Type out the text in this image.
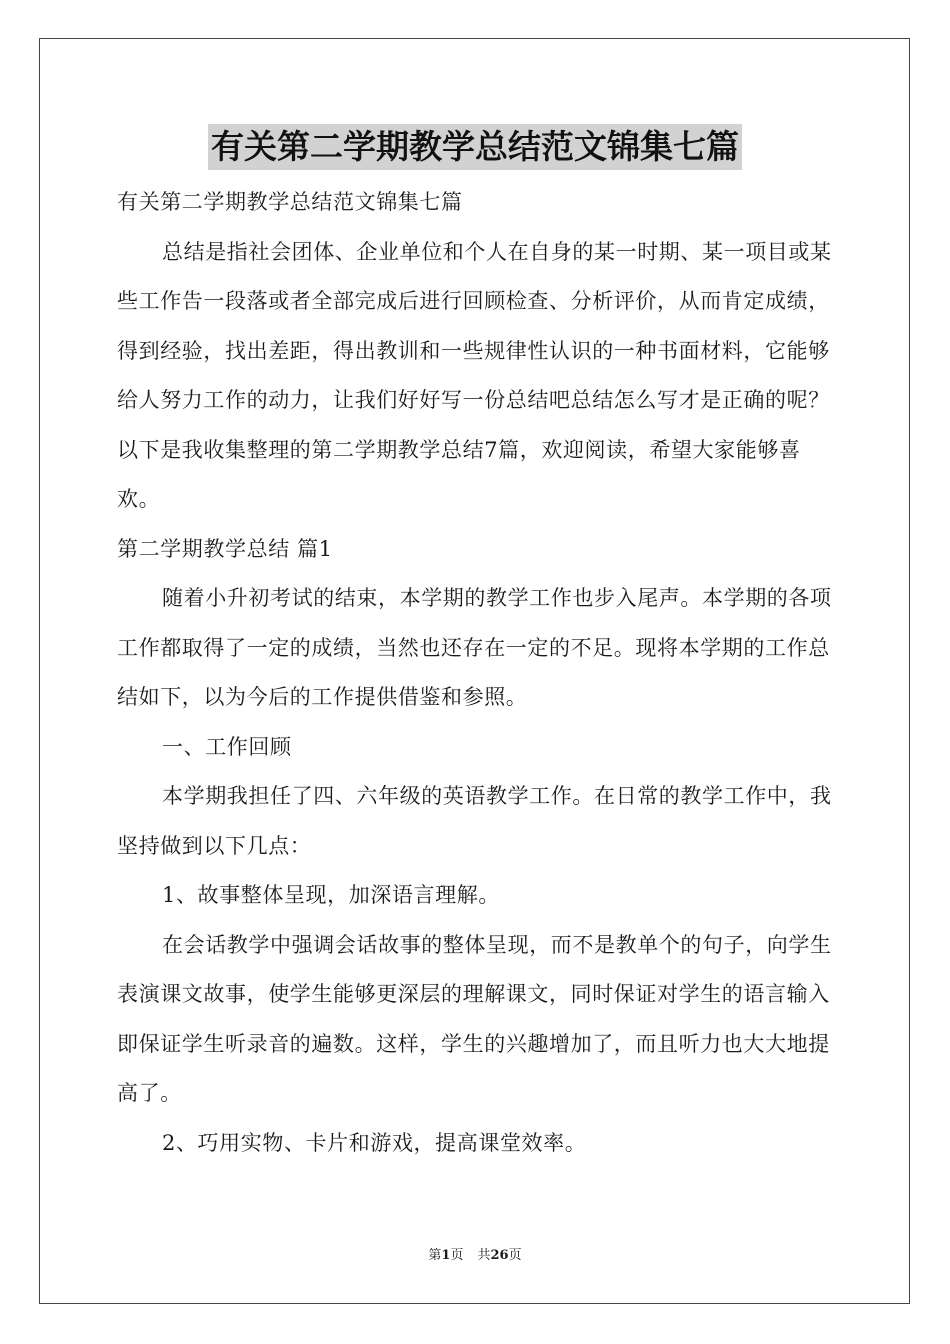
有关第二学期教学总结范文锦集七篇

有关第二学期教学总结范文锦集七篇

总结是指社会团体、企业单位和个人在自身的某一时期、某一项目或某些工作告一段落或者全部完成后进行回顾检查、分析评价，从而肯定成绩，得到经验，找出差距，得出教训和一些规律性认识的一种书面材料，它能够给人努力工作的动力，让我们好好写一份总结吧总结怎么写才是正确的呢？以下是我收集整理的第二学期教学总结7篇，欢迎阅读，希望大家能够喜欢。

第二学期教学总结 篇1

随着小升初考试的结束，本学期的教学工作也步入尾声。本学期的各项工作都取得了一定的成绩，当然也还存在一定的不足。现将本学期的工作总结如下，以为今后的工作提供借鉴和参照。

一、工作回顾

本学期我担任了四、六年级的英语教学工作。在日常的教学工作中，我坚持做到以下几点：

1、故事整体呈现，加深语言理解。

在会话教学中强调会话故事的整体呈现，而不是教单个的句子，向学生表演课文故事，使学生能够更深层的理解课文，同时保证对学生的语言输入即保证学生听录音的遍数。这样，学生的兴趣增加了，而且听力也大大地提高了。

2、巧用实物、卡片和游戏，提高课堂效率。

第1页 共26页
